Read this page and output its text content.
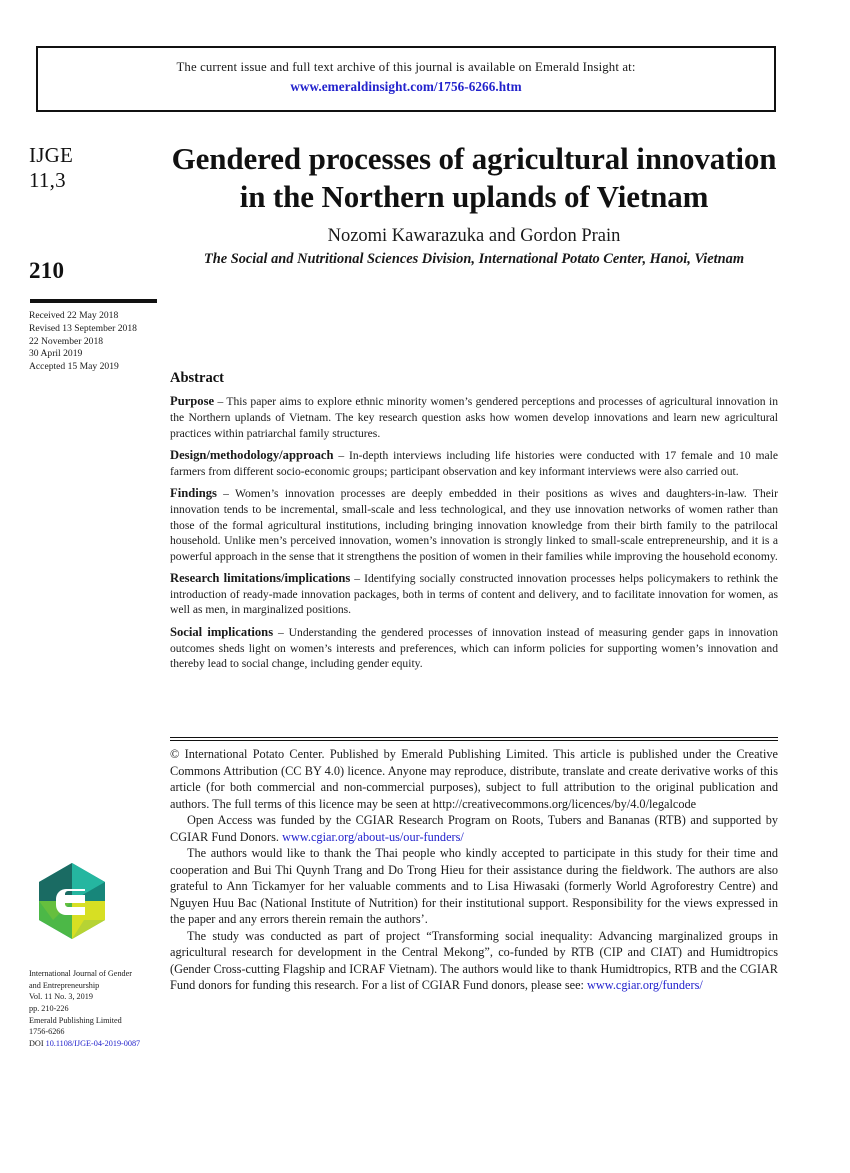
The current issue and full text archive of this journal is available on Emerald Insight at:
www.emeraldinsight.com/1756-6266.htm
IJGE
11,3
210
Received 22 May 2018
Revised 13 September 2018
22 November 2018
30 April 2019
Accepted 15 May 2019
Gendered processes of agricultural innovation in the Northern uplands of Vietnam
Nozomi Kawarazuka and Gordon Prain
The Social and Nutritional Sciences Division, International Potato Center, Hanoi, Vietnam
Abstract

Purpose – This paper aims to explore ethnic minority women’s gendered perceptions and processes of agricultural innovation in the Northern uplands of Vietnam. The key research question asks how women develop innovations and learn new agricultural practices within patriarchal family structures.

Design/methodology/approach – In-depth interviews including life histories were conducted with 17 female and 10 male farmers from different socio-economic groups; participant observation and key informant interviews were also carried out.

Findings – Women’s innovation processes are deeply embedded in their positions as wives and daughters-in-law. Their innovation tends to be incremental, small-scale and less technological, and they use innovation networks of women rather than those of the formal agricultural institutions, including bringing innovation knowledge from their birth family to the patrilocal household. Unlike men’s perceived innovation, women’s innovation is strongly linked to small-scale entrepreneurship, and it is a powerful approach in the sense that it strengthens the position of women in their families while improving the household economy.

Research limitations/implications – Identifying socially constructed innovation processes helps policymakers to rethink the introduction of ready-made innovation packages, both in terms of content and delivery, and to facilitate innovation for women, as well as men, in marginalized positions.

Social implications – Understanding the gendered processes of innovation instead of measuring gender gaps in innovation outcomes sheds light on women’s interests and preferences, which can inform policies for supporting women’s innovation and thereby lead to social change, including gender equity.

© International Potato Center. Published by Emerald Publishing Limited. This article is published under the Creative Commons Attribution (CC BY 4.0) licence. Anyone may reproduce, distribute, translate and create derivative works of this article (for both commercial and non-commercial purposes), subject to full attribution to the original publication and authors. The full terms of this licence may be seen at http://creativecommons.org/licences/by/4.0/legalcode

Open Access was funded by the CGIAR Research Program on Roots, Tubers and Bananas (RTB) and supported by CGIAR Fund Donors. www.cgiar.org/about-us/our-funders/

The authors would like to thank the Thai people who kindly accepted to participate in this study for their time and cooperation and Bui Thi Quynh Trang and Do Trong Hieu for their assistance during the fieldwork. The authors are also grateful to Ann Tickamyer for her valuable comments and to Lisa Hiwasaki (formerly World Agroforestry Centre) and Nguyen Huu Bac (National Institute of Nutrition) for their institutional support. Responsibility for the views expressed in the paper and any errors therein remain the authors’.

The study was conducted as part of project “Transforming social inequality: Advancing marginalized groups in agricultural research for development in the Central Mekong”, co-funded by RTB (CIP and CIAT) and Humidtropics (Gender Cross-cutting Flagship and ICRAF Vietnam). The authors would like to thank Humidtropics, RTB and the CGIAR Fund donors for funding this research. For a list of CGIAR Fund donors, please see: www.cgiar.org/funders/

International Journal of Gender
and Entrepreneurship
Vol. 11 No. 3, 2019
pp. 210-226
Emerald Publishing Limited
1756-6266
DOI 10.1108/IJGE-04-2019-0087
